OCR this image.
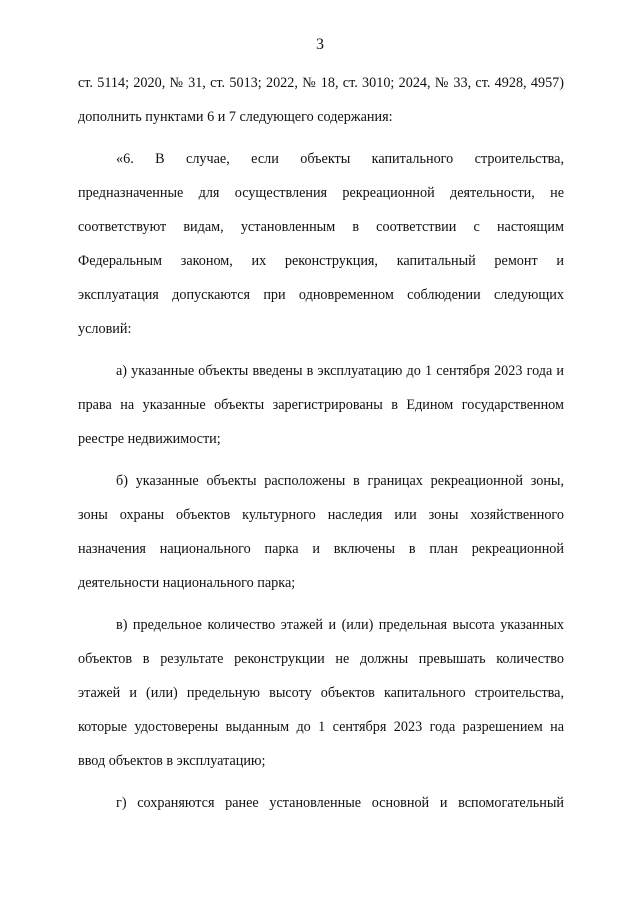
3
ст. 5114; 2020, № 31, ст. 5013; 2022, № 18, ст. 3010; 2024, № 33, ст. 4928, 4957)
дополнить пунктами 6 и 7 следующего содержания:
«6. В случае, если объекты капитального строительства,
предназначенные для осуществления рекреационной деятельности, не
соответствуют видам, установленным в соответствии с настоящим
Федеральным законом, их реконструкция, капитальный ремонт и
эксплуатация допускаются при одновременном соблюдении следующих
условий:
а) указанные объекты введены в эксплуатацию до 1 сентября 2023 года и
права на указанные объекты зарегистрированы в Едином государственном
реестре недвижимости;
б) указанные объекты расположены в границах рекреационной зоны,
зоны охраны объектов культурного наследия или зоны хозяйственного
назначения национального парка и включены в план рекреационной
деятельности национального парка;
в) предельное количество этажей и (или) предельная высота указанных
объектов в результате реконструкции не должны превышать количество
этажей и (или) предельную высоту объектов капитального строительства,
которые удостоверены выданным до 1 сентября 2023 года разрешением на
ввод объектов в эксплуатацию;
г) сохраняются ранее установленные основной и вспомогательный
